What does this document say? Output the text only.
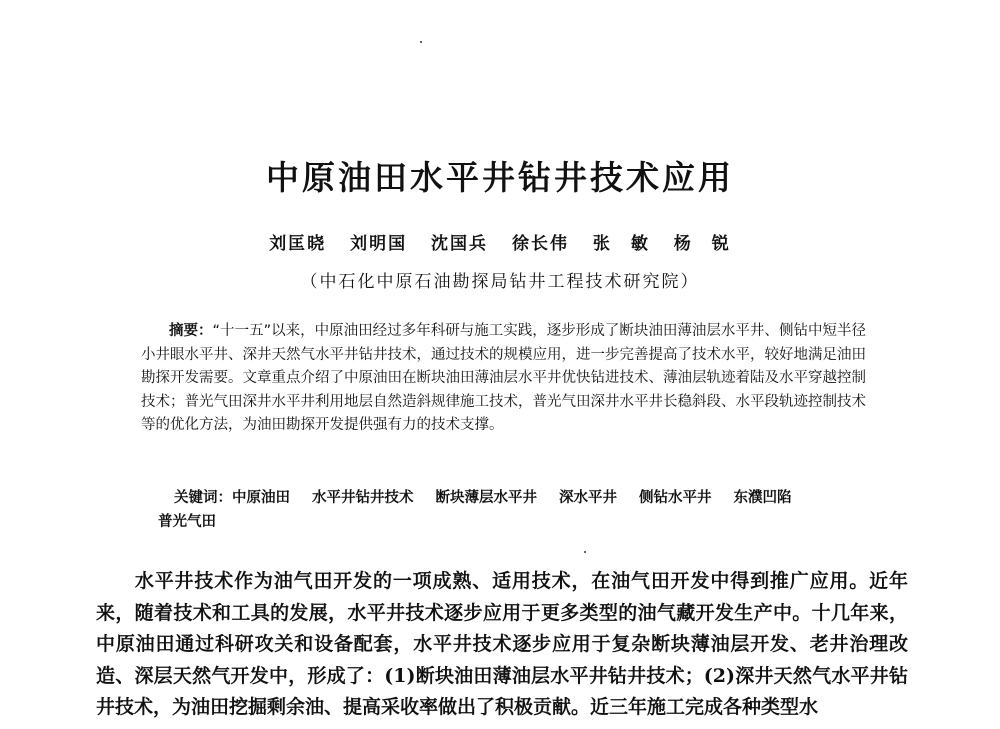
中原油田水平井钻井技术应用
刘匡晓 刘明国 沈国兵 徐长伟 张　敏 杨　锐
（中石化中原石油勘探局钻井工程技术研究院）
摘要：“十一五”以来，中原油田经过多年科研与施工实践，逐步形成了断块油田薄油层水平井、侧钻中短半径小井眼水平井、深井天然气水平井钻井技术，通过技术的规模应用，进一步完善提高了技术水平，较好地满足油田勘探开发需要。文章重点介绍了中原油田在断块油田薄油层水平井优快钻进技术、薄油层轨迹着陆及水平穿越控制技术；普光气田深井水平井利用地层自然造斜规律施工技术，普光气田深井水平井长稳斜段、水平段轨迹控制技术等的优化方法，为油田勘探开发提供强有力的技术支撑。
关键词：中原油田 水平井钻井技术 断块薄层水平井 深水平井 侧钻水平井 东濮凹陷
普光气田
水平井技术作为油气田开发的一项成熟、适用技术，在油气田开发中得到推广应用。近年来，随着技术和工具的发展，水平井技术逐步应用于更多类型的油气藏开发生产中。十几年来，中原油田通过科研攻关和设备配套，水平井技术逐步应用于复杂断块薄油层开发、老井治理改造、深层天然气开发中，形成了：(1)断块油田薄油层水平井钻井技术；(2)深井天然气水平井钻井技术，为油田挖掘剩余油、提高采收率做出了积极贡献。近三年施工完成各种类型水
